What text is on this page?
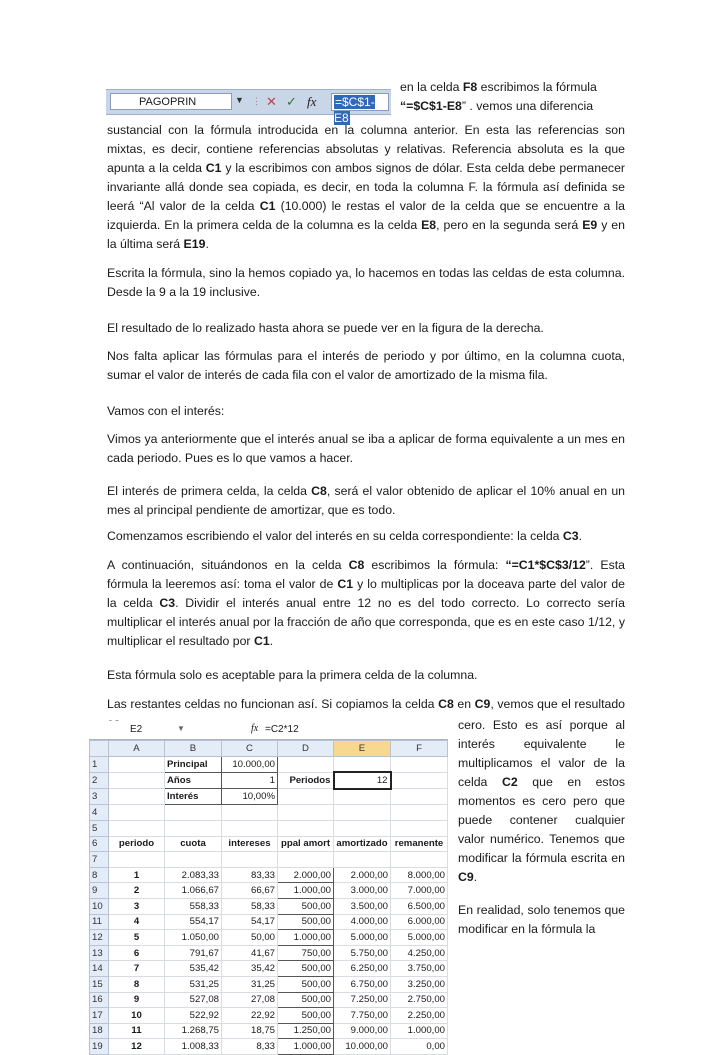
PAGOPRIN	▼ ⋮ ✕ ✓ fx	=$C$1-E8

en la celda F8 escribimos la fórmula
“=$C$1-E8” . vemos una diferencia

sustancial con la fórmula introducida en la columna anterior. En esta las referencias son mixtas, es decir, contiene referencias absolutas y relativas. Referencia absoluta es la que apunta a la celda C1 y la escribimos con ambos signos de dólar. Esta celda debe permanecer invariante allá donde sea copiada, es decir, en toda la columna F. la fórmula así definida se leerá “Al valor de la celda C1 (10.000) le restas el valor de la celda que se encuentre a la izquierda. En la primera celda de la columna es la celda E8, pero en la segunda será E9 y en la última será E19.

Escrita la fórmula, sino la hemos copiado ya, lo hacemos en todas las celdas de esta columna. Desde la 9 a la 19 inclusive.

El resultado de lo realizado hasta ahora se puede ver en la figura de la derecha.

Nos falta aplicar las fórmulas para el interés de periodo y por último, en la columna cuota, sumar el valor de interés de cada fila con el valor de amortizado de la misma fila.

Vamos con el interés:

Vimos ya anteriormente que el interés anual se iba a aplicar de forma equivalente a un mes en cada periodo. Pues es lo que vamos a hacer.

El interés de primera celda, la celda C8, será el valor obtenido de aplicar el 10% anual en un mes al principal pendiente de amortizar, que es todo.

Comenzamos escribiendo el valor del interés en su celda correspondiente: la celda C3.

A continuación, situándonos en la celda C8 escribimos la fórmula: “=C1*$C$3/12”. Esta fórmula la leeremos así: toma el valor de C1 y lo multiplicas por la doceava parte del valor de la celda C3. Dividir el interés anual entre 12 no es del todo correcto. Lo correcto sería multiplicar el interés anual por la fracción de año que corresponda, que es en este caso 1/12, y multiplicar el resultado por C1.

Esta fórmula solo es aceptable para la primera celda de la columna.

Las restantes celdas no funcionan así. Si copiamos la celda C8 en C9, vemos que el resultado

cero. Esto es así porque al interés equivalente le multiplicamos el valor de la celda C2 que en estos momentos es cero pero que puede contener cualquier valor numérico. Tenemos que modificar la fórmula escrita en C9.

En realidad, solo tenemos que modificar en la fórmula la

E2	▼	fx =C2*12
	A	B	C	D	E	F
1		Principal	10.000,00			
2		Años	1	Periodos	12	
3		Interés	10,00%			
4						
5						
6	periodo	cuota	intereses	ppal amort	amortizado	remanente
7						
8	1	2.083,33	83,33	2.000,00	2.000,00	8.000,00
9	2	1.066,67	66,67	1.000,00	3.000,00	7.000,00
10	3	558,33	58,33	500,00	3.500,00	6.500,00
11	4	554,17	54,17	500,00	4.000,00	6.000,00
12	5	1.050,00	50,00	1.000,00	5.000,00	5.000,00
13	6	791,67	41,67	750,00	5.750,00	4.250,00
14	7	535,42	35,42	500,00	6.250,00	3.750,00
15	8	531,25	31,25	500,00	6.750,00	3.250,00
16	9	527,08	27,08	500,00	7.250,00	2.750,00
17	10	522,92	22,92	500,00	7.750,00	2.250,00
18	11	1.268,75	18,75	1.250,00	9.000,00	1.000,00
19	12	1.008,33	8,33	1.000,00	10.000,00	0,00
